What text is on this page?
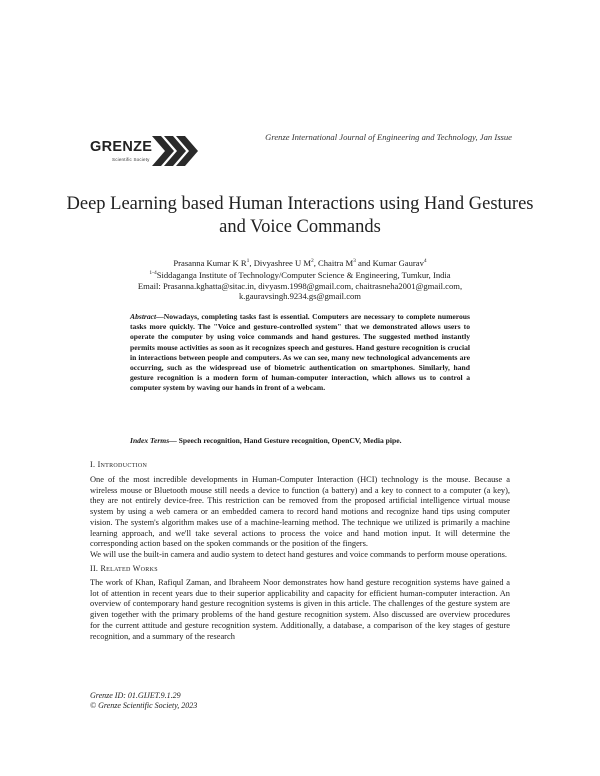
Grenze International Journal of Engineering and Technology, Jan Issue
GRENZE
Scientific Society
Deep Learning based Human Interactions using Hand Gestures and Voice Commands
Prasanna Kumar K $R^1$, Divyashree U $M^2$, Chaitra $M^3$ and Kumar Gaurav$^4$
$^{1-4}$Siddaganga Institute of Technology/Computer Science & Engineering, Tumkur, India
Email: Prasanna.kghatta@sitac.in, divyasm.1998@gmail.com, chaitrasneha2001@gmail.com,
k.gauravsingh.9234.gs@gmail.com
Abstract—Nowadays, completing tasks fast is essential. Computers are necessary to complete numerous tasks more quickly. The "Voice and gesture-controlled system" that we demonstrated allows users to operate the computer by using voice commands and hand gestures. The suggested method instantly permits mouse activities as soon as it recognizes speech and gestures. Hand gesture recognition is crucial in interactions between people and computers. As we can see, many new technological advancements are occurring, such as the widespread use of biometric authentication on smartphones. Similarly, hand gesture recognition is a modern form of human-computer interaction, which allows us to control a computer system by waving our hands in front of a webcam.
Index Terms— Speech recognition, Hand Gesture recognition, OpenCV, Media pipe.
I. Introduction

One of the most incredible developments in Human-Computer Interaction (HCI) technology is the mouse. Because a wireless mouse or Bluetooth mouse still needs a device to function (a battery) and a key to connect to a computer (a key), they are not entirely device-free. This restriction can be removed from the proposed artificial intelligence virtual mouse system by using a web camera or an embedded camera to record hand motions and recognize hand tips using computer vision. The system's algorithm makes use of a machine-learning method. The technique we utilized is primarily a machine learning approach, and we'll take several actions to process the voice and hand motion input. It will determine the corresponding action based on the spoken commands or the position of the fingers.

We will use the built-in camera and audio system to detect hand gestures and voice commands to perform mouse operations.

II. Related Works

The work of Khan, Rafiqul Zaman, and Ibraheem Noor demonstrates how hand gesture recognition systems have gained a lot of attention in recent years due to their superior applicability and capacity for efficient human-computer interaction. An overview of contemporary hand gesture recognition systems is given in this article. The challenges of the gesture system are given together with the primary problems of the hand gesture recognition system. Also discussed are overview procedures for the current attitude and gesture recognition system. Additionally, a database, a comparison of the key stages of gesture recognition, and a summary of the research

Grenze ID: 01.GIJET.9.1.29
© Grenze Scientific Society, 2023
